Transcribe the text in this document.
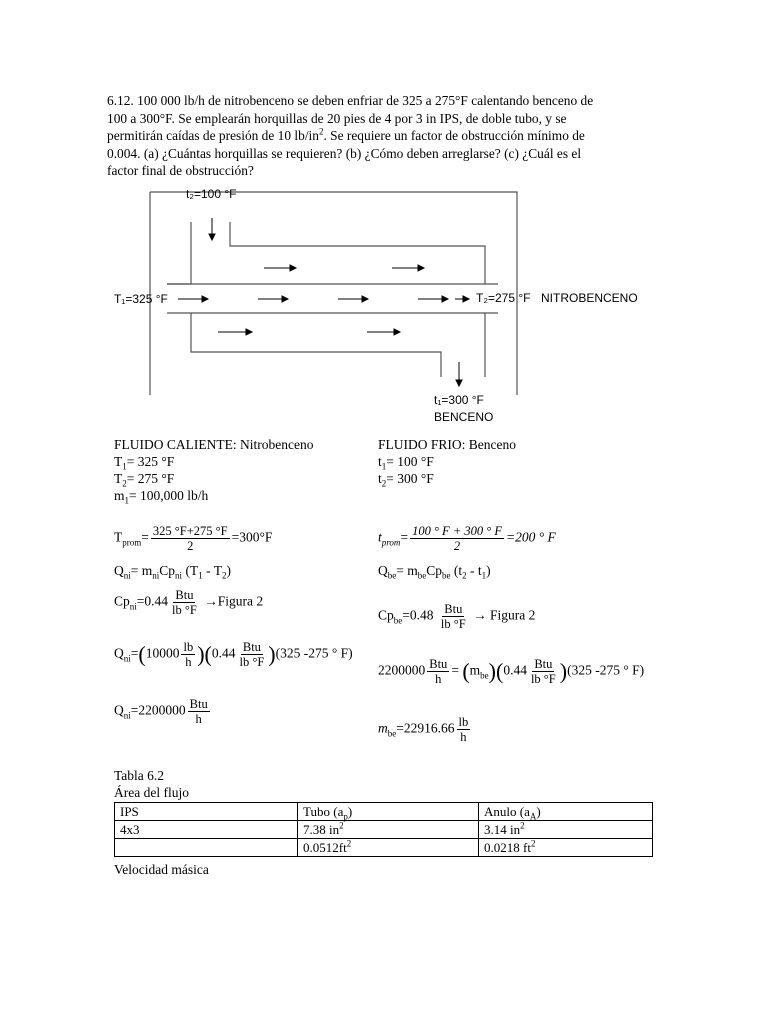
6.12. 100 000 lb/h de nitrobenceno se deben enfriar de 325 a 275°F calentando benceno de
100 a 300°F. Se emplearán horquillas de 20 pies de 4 por 3 in IPS, de doble tubo, y se
permitirán caídas de presión de 10 $lb/in^2$. Se requiere un factor de obstrucción mínimo de
0.004. (a) ¿Cuántas horquillas se requieren? (b) ¿Cómo deben arreglarse? (c) ¿Cuál es el
factor final de obstrucción?
t₂=100 °F
T₁=325 °F	T₂=275 °F NITROBENCENO
t₁=300 °F
BENCENO
FLUIDO CALIENTE: Nitrobenceno
$T_1= 325$ °F
$T_2= 275$ °F
$m_1= 100,000$ lb/h
FLUIDO FRIO: Benceno
$t_1= 100$ °F
$t_2= 300$ °F
$T_{prom}= \frac{325 ^\circ F+275 ^\circ F}{2} =300^\circ F$
$Q_{ni}= m_{ni}Cp_{ni}$ $(T_1 - T_2)$
$Cp_{ni}=0.44 \frac{\text{Btu}}{lb ^\circ F}$ →Figura 2
$Q_{ni}=(10000 \frac{lb}{h} )(0.44 \frac{\text{Btu}}{lb ^\circ F} )(325$ -275 ° F)
$Q_{ni}=2200000 \frac{\text{Btu}}{h}$
$t_{prom}= \frac{100 ^\circ F + 300 ^\circ F}{2} =200$ ° F
$Q_{be}= m_{be}Cp_{be}$ $(t_2 - t_1)$
$Cp_{be}=0.48 \frac{\text{Btu}}{lb ^\circ F}$ → Figura 2
$2200000 \frac{\text{Btu}}{h} = (m_{be})(0.44 \frac{\text{Btu}}{lb ^\circ F} )(325$ -275 ° F)
$m_{be}=22916.66 \frac{lb}{h}$
Tabla 6.2
Área del flujo
IPS	Tubo $(a_p)$	Anulo $(a_A)$
4x3	7.38 $in^2$	3.14 $in^2$
	$0.0512ft^2$	0.0218 $ft^2$
Velocidad másica
